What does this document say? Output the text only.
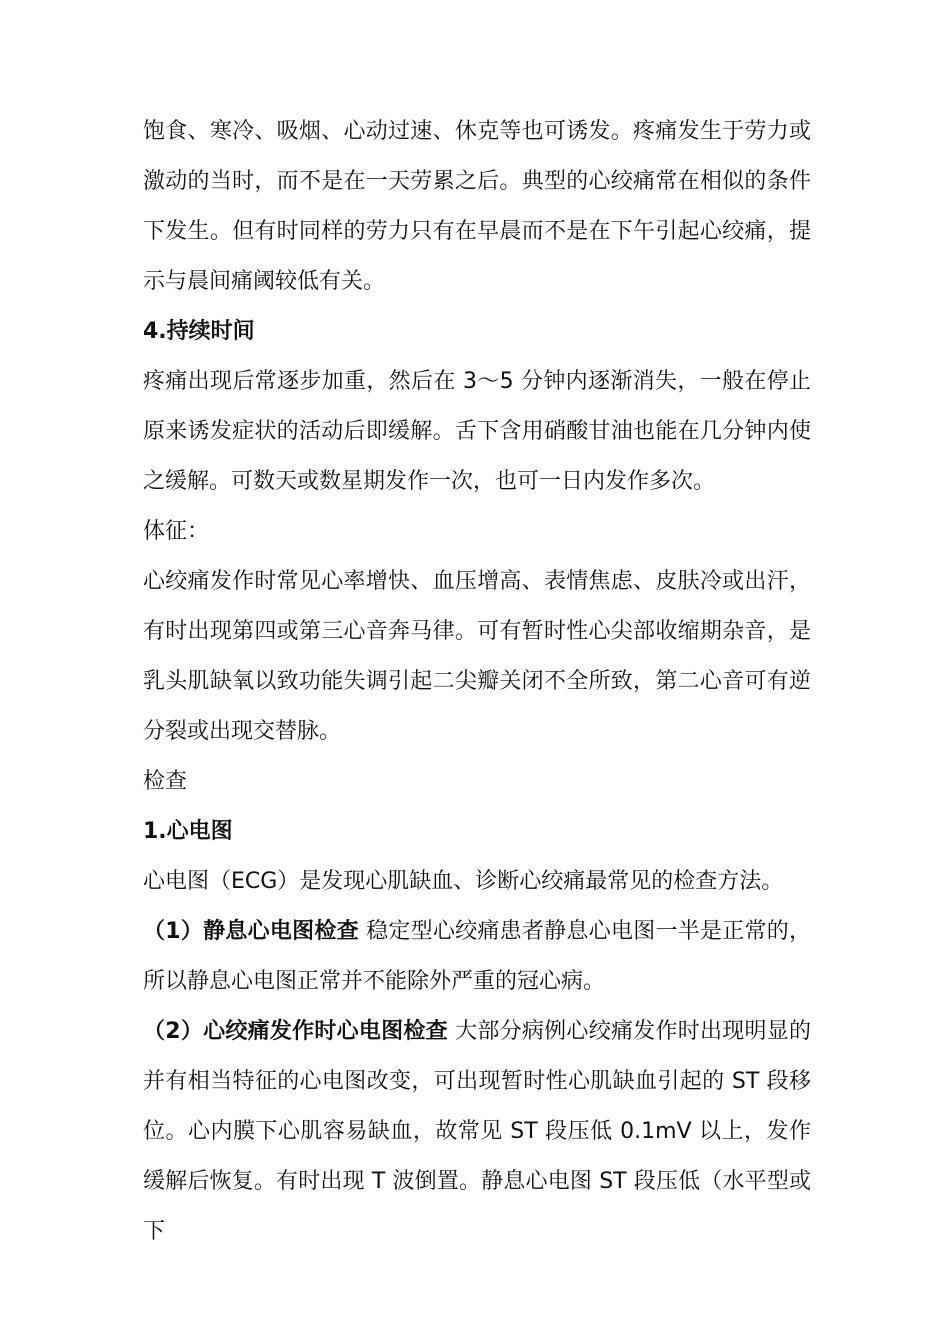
饱食、寒冷、吸烟、心动过速、休克等也可诱发。疼痛发生于劳力或激动的当时，而不是在一天劳累之后。典型的心绞痛常在相似的条件下发生。但有时同样的劳力只有在早晨而不是在下午引起心绞痛，提示与晨间痛阈较低有关。

4.持续时间

疼痛出现后常逐步加重，然后在 3～5 分钟内逐渐消失，一般在停止原来诱发症状的活动后即缓解。舌下含用硝酸甘油也能在几分钟内使之缓解。可数天或数星期发作一次，也可一日内发作多次。

体征：

心绞痛发作时常见心率增快、血压增高、表情焦虑、皮肤冷或出汗，有时出现第四或第三心音奔马律。可有暂时性心尖部收缩期杂音，是乳头肌缺氧以致功能失调引起二尖瓣关闭不全所致，第二心音可有逆分裂或出现交替脉。

检查

1.心电图

心电图（ECG）是发现心肌缺血、诊断心绞痛最常见的检查方法。

（1）静息心电图检查 稳定型心绞痛患者静息心电图一半是正常的，所以静息心电图正常并不能除外严重的冠心病。

（2）心绞痛发作时心电图检查 大部分病例心绞痛发作时出现明显的并有相当特征的心电图改变，可出现暂时性心肌缺血引起的 ST 段移位。心内膜下心肌容易缺血，故常见 ST 段压低 0.1mV 以上，发作缓解后恢复。有时出现 T 波倒置。静息心电图 ST 段压低（水平型或下
